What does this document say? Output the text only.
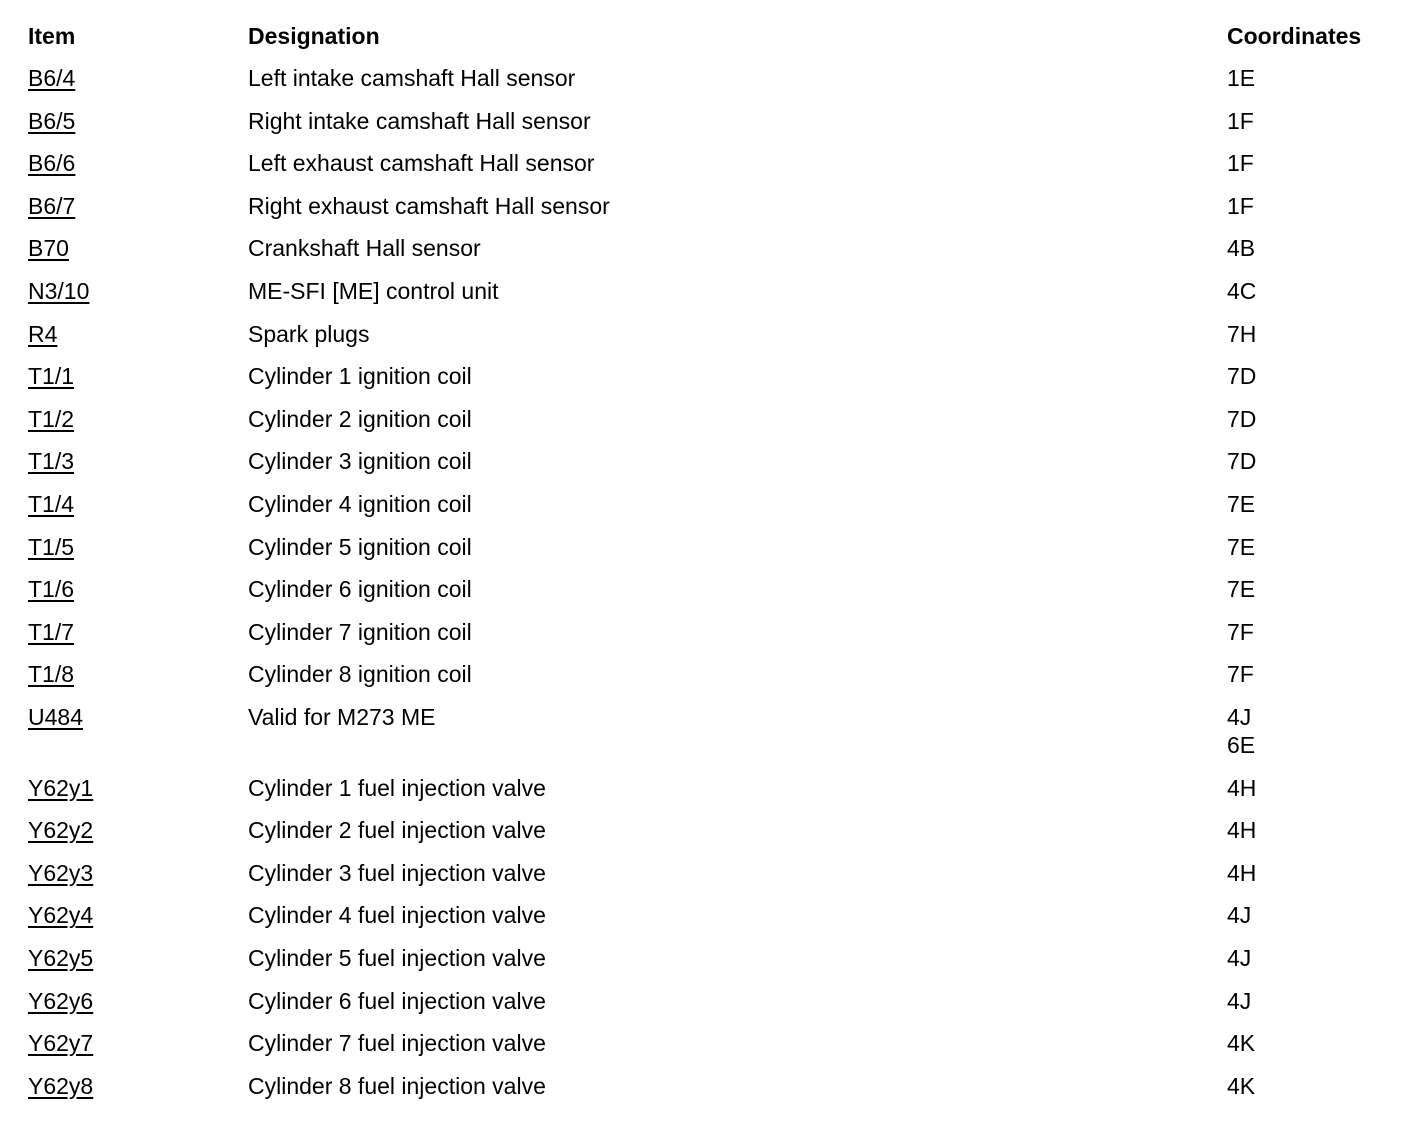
Item	Designation	Coordinates
B6/4	Left intake camshaft Hall sensor	1E
B6/5	Right intake camshaft Hall sensor	1F
B6/6	Left exhaust camshaft Hall sensor	1F
B6/7	Right exhaust camshaft Hall sensor	1F
B70	Crankshaft Hall sensor	4B
N3/10	ME-SFI [ME] control unit	4C
R4	Spark plugs	7H
T1/1	Cylinder 1 ignition coil	7D
T1/2	Cylinder 2 ignition coil	7D
T1/3	Cylinder 3 ignition coil	7D
T1/4	Cylinder 4 ignition coil	7E
T1/5	Cylinder 5 ignition coil	7E
T1/6	Cylinder 6 ignition coil	7E
T1/7	Cylinder 7 ignition coil	7F
T1/8	Cylinder 8 ignition coil	7F
U484	Valid for M273 ME	4J
6E
Y62y1	Cylinder 1 fuel injection valve	4H
Y62y2	Cylinder 2 fuel injection valve	4H
Y62y3	Cylinder 3 fuel injection valve	4H
Y62y4	Cylinder 4 fuel injection valve	4J
Y62y5	Cylinder 5 fuel injection valve	4J
Y62y6	Cylinder 6 fuel injection valve	4J
Y62y7	Cylinder 7 fuel injection valve	4K
Y62y8	Cylinder 8 fuel injection valve	4K
